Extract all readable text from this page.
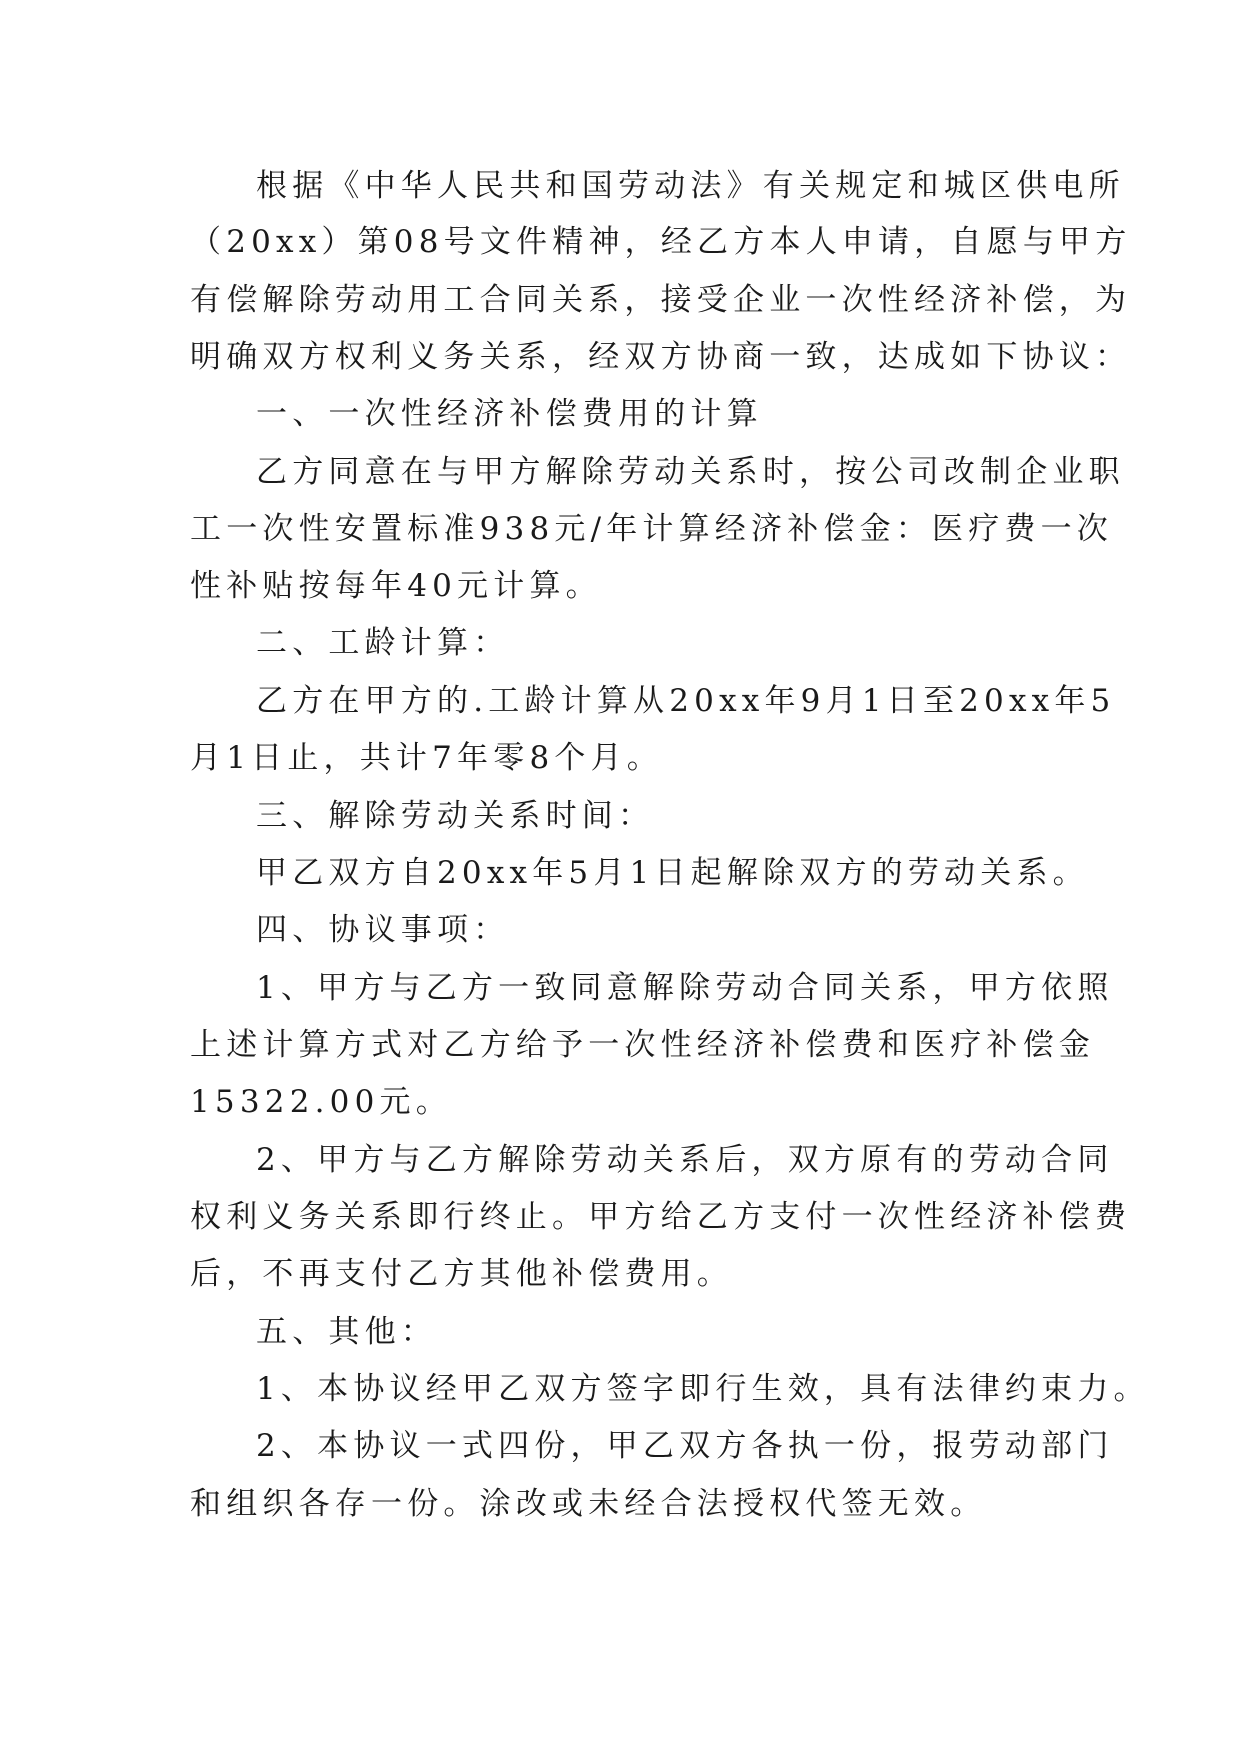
根据《中华人民共和国劳动法》有关规定和城区供电所
（20xx）第08号文件精神，经乙方本人申请，自愿与甲方
有偿解除劳动用工合同关系，接受企业一次性经济补偿，为
明确双方权利义务关系，经双方协商一致，达成如下协议：
一、一次性经济补偿费用的计算
乙方同意在与甲方解除劳动关系时，按公司改制企业职
工一次性安置标准938元/年计算经济补偿金：医疗费一次
性补贴按每年40元计算。
二、工龄计算：
乙方在甲方的.工龄计算从20xx年9月1日至20xx年5
月1日止，共计7年零8个月。
三、解除劳动关系时间：
甲乙双方自20xx年5月1日起解除双方的劳动关系。
四、协议事项：
1、甲方与乙方一致同意解除劳动合同关系，甲方依照
上述计算方式对乙方给予一次性经济补偿费和医疗补偿金
15322.00元。
2、甲方与乙方解除劳动关系后，双方原有的劳动合同
权利义务关系即行终止。甲方给乙方支付一次性经济补偿费
后，不再支付乙方其他补偿费用。
五、其他：
1、本协议经甲乙双方签字即行生效，具有法律约束力。
2、本协议一式四份，甲乙双方各执一份，报劳动部门
和组织各存一份。涂改或未经合法授权代签无效。
